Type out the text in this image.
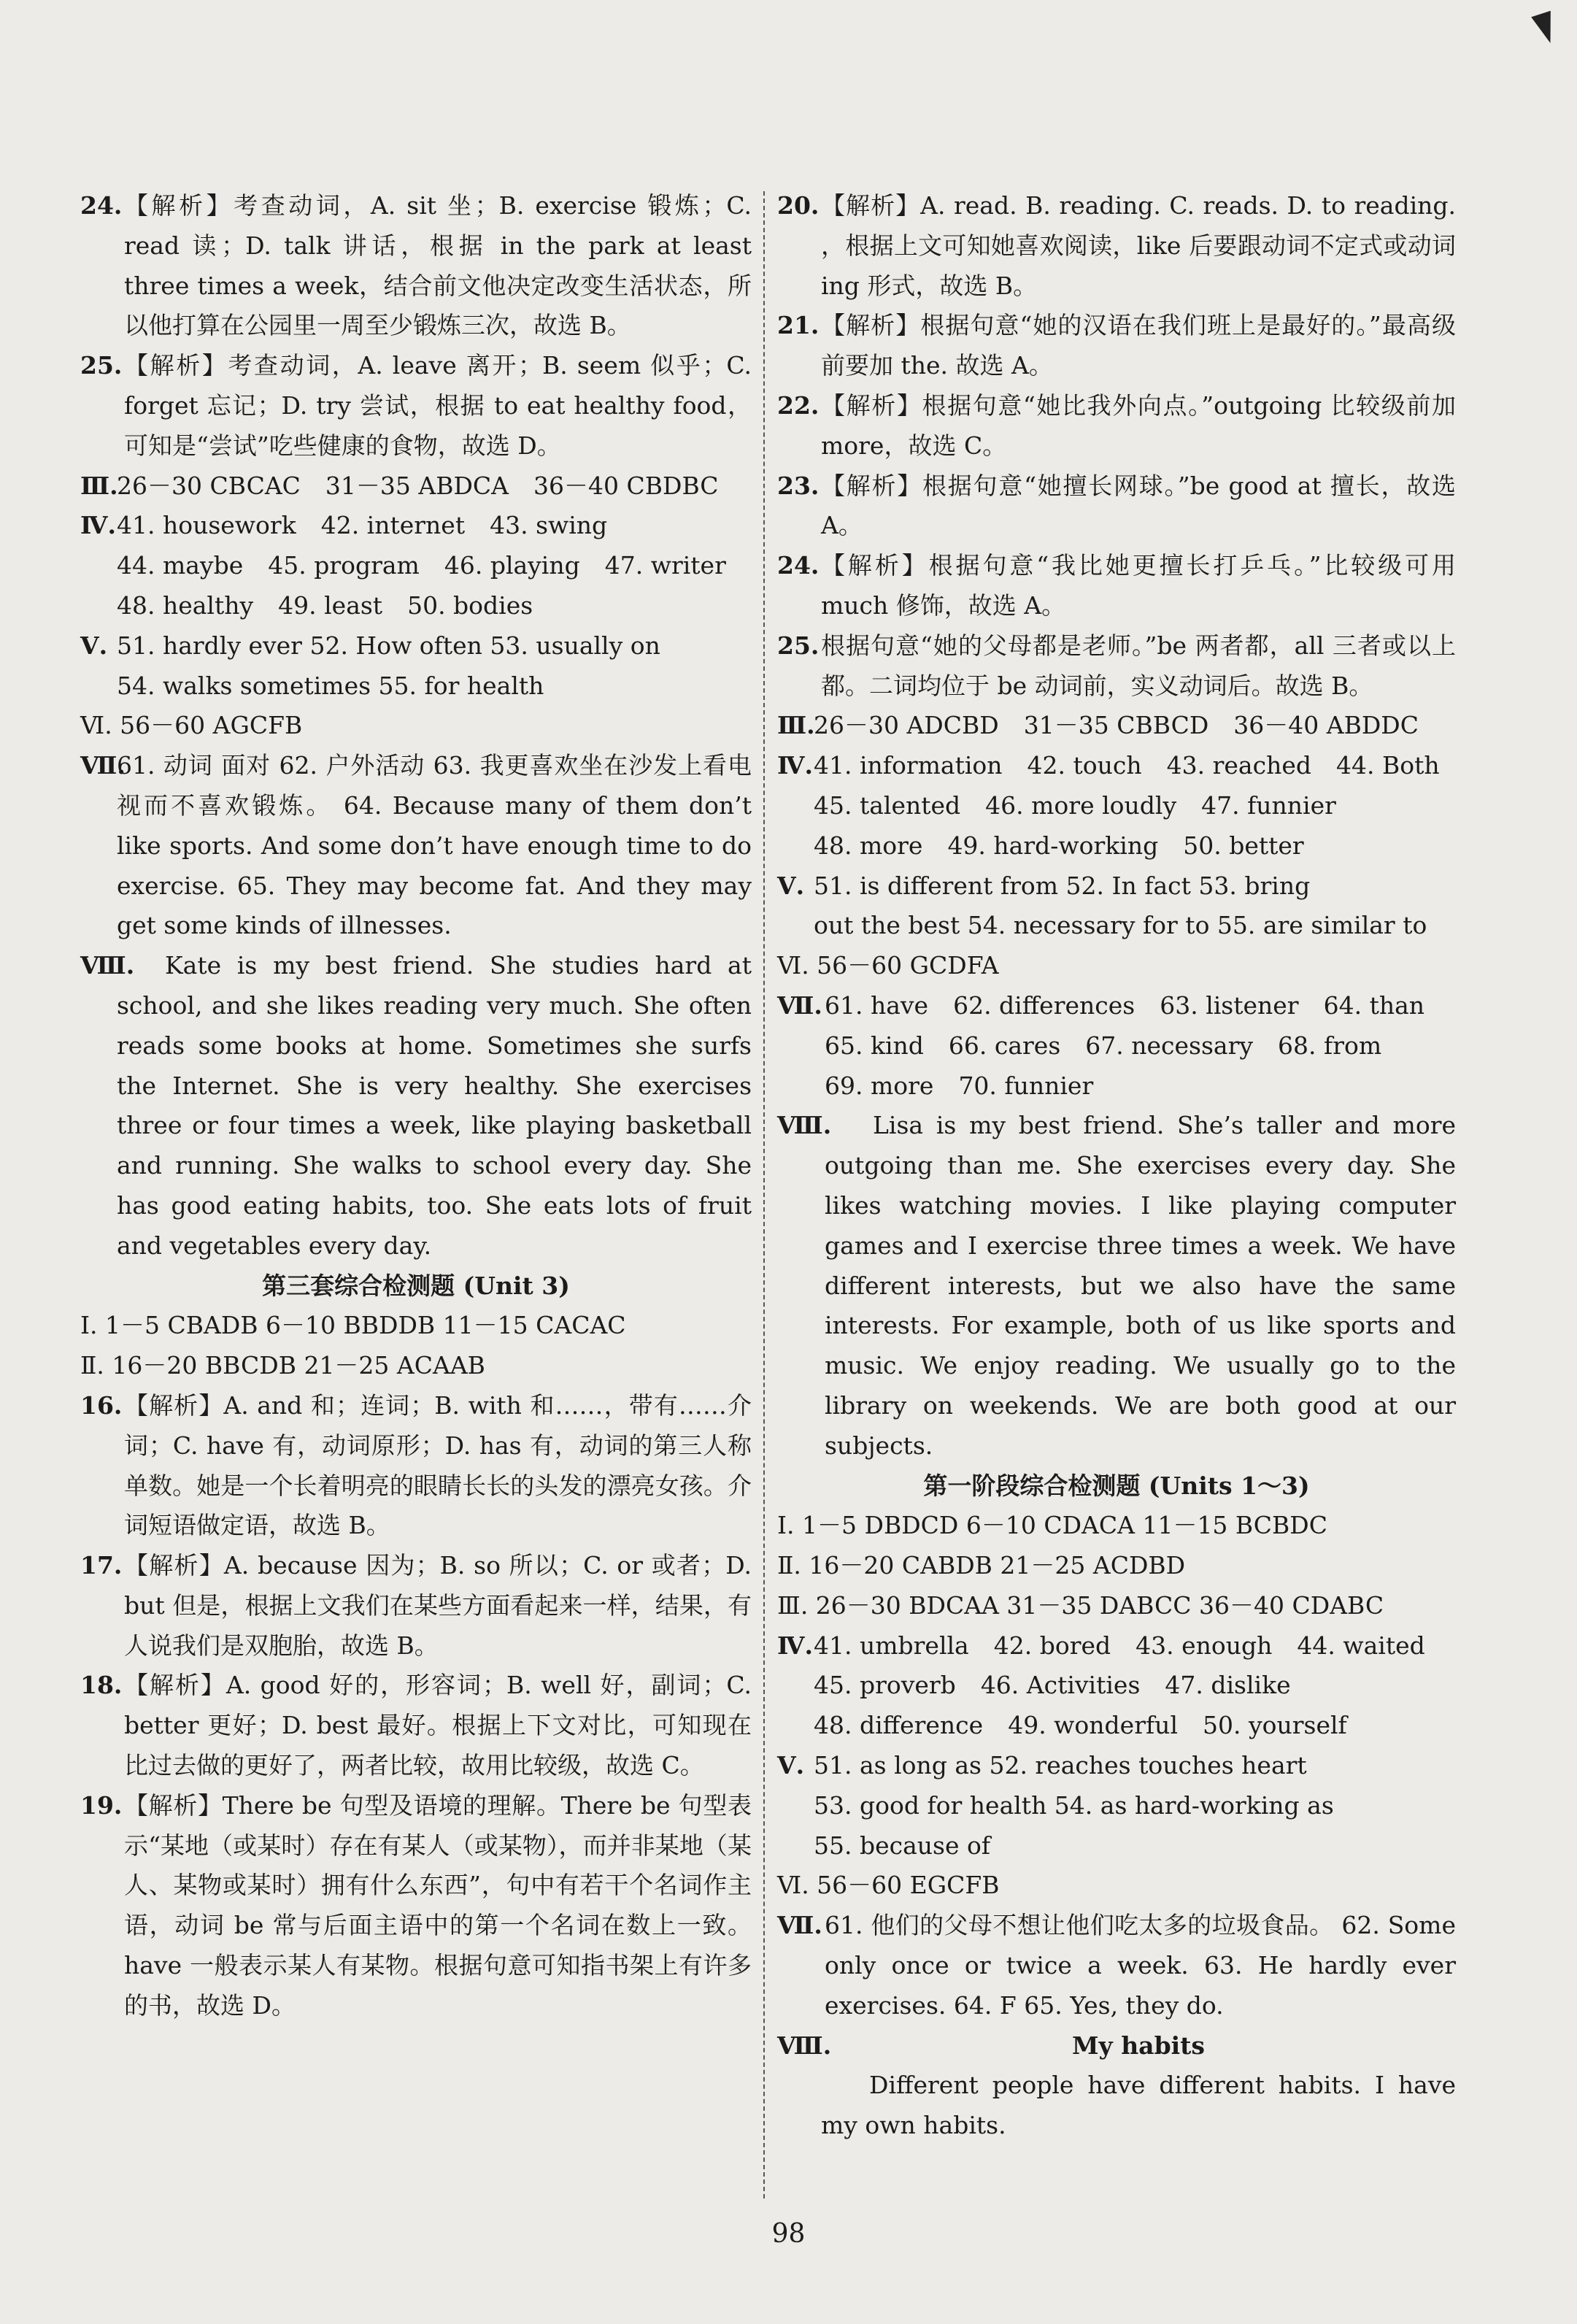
24. 【解析】考查动词，A. sit 坐；B. exercise 锻炼；C. read 读；D. talk 讲话，根据 in the park at least three times a week，结合前文他决定改变生活状态，所以他打算在公园里一周至少锻炼三次，故选 B。
25. 【解析】考查动词，A. leave 离开；B. seem 似乎；C. forget 忘记；D. try 尝试，根据 to eat healthy food，可知是“尝试”吃些健康的食物，故选 D。
Ⅲ.
26－30 CBCAC 31－35 ABDCA 36－40 CBDBC
Ⅳ. 41. housework 42. internet 43. swing
44. maybe 45. program 46. playing 47. writer
48. healthy 49. least 50. bodies
Ⅴ. 51. hardly ever 52. How often 53. usually on
54. walks sometimes 55. for health
Ⅵ. 56－60 AGCFB
Ⅶ.
61. 动词 面对 62. 户外活动 63. 我更喜欢坐在沙发上看电视而不喜欢锻炼。 64. Because many of them don’t like sports. And some don’t have enough time to do exercise. 65. They may become fat. And they may get some kinds of illnesses.
Ⅷ.	Kate is my best friend. She studies hard at school, and she likes reading very much. She often reads some books at home. Sometimes she surfs the Internet. She is very healthy. She exercises three or four times a week, like playing basketball and running. She walks to school every day. She has good eating habits, too. She eats lots of fruit and vegetables every day.
第三套综合检测题 (Unit 3)
Ⅰ. 1－5 CBADB 6－10 BBDDB 11－15 CACAC
Ⅱ. 16－20 BBCDB 21－25 ACAAB
16. 【解析】A. and 和；连词；B. with 和……，带有……介词；C. have 有，动词原形；D. has 有，动词的第三人称单数。她是一个长着明亮的眼睛长长的头发的漂亮女孩。介词短语做定语，故选 B。
17. 【解析】A. because 因为；B. so 所以；C. or 或者；D. but 但是，根据上文我们在某些方面看起来一样，结果，有人说我们是双胞胎，故选 B。
18. 【解析】A. good 好的，形容词；B. well 好，副词；C. better 更好；D. best 最好。根据上下文对比，可知现在比过去做的更好了，两者比较，故用比较级，故选 C。
19. 【解析】There be 句型及语境的理解。There be 句型表示“某地（或某时）存在有某人（或某物），而并非某地（某人、某物或某时）拥有什么东西”，句中有若干个名词作主语，动词 be 常与后面主语中的第一个名词在数上一致。have 一般表示某人有某物。根据句意可知指书架上有许多的书，故选 D。
20. 【解析】A. read. B. reading. C. reads. D. to reading. ，根据上文可知她喜欢阅读，like 后要跟动词不定式或动词 ing 形式，故选 B。
21. 【解析】根据句意“她的汉语在我们班上是最好的。”最高级前要加 the. 故选 A。
22. 【解析】根据句意“她比我外向点。”outgoing 比较级前加 more，故选 C。
23. 【解析】根据句意“她擅长网球。”be good at 擅长，故选 A。
24. 【解析】根据句意“我比她更擅长打乒乓。”比较级可用 much 修饰，故选 A。
25. 根据句意“她的父母都是老师。”be 两者都，all 三者或以上都。二词均位于 be 动词前，实义动词后。故选 B。
Ⅲ.
26－30 ADCBD 31－35 CBBCD 36－40 ABDDC
Ⅳ. 41. information 42. touch 43. reached 44. Both
45. talented 46. more loudly 47. funnier
48. more 49. hard-working 50. better
Ⅴ. 51. is different from 52. In fact 53. bring
out the best 54. necessary for to 55. are similar to
Ⅵ. 56－60 GCDFA
Ⅶ. 61. have 62. differences 63. listener 64. than
65. kind 66. cares 67. necessary 68. from
69. more 70. funnier
Ⅷ.	Lisa is my best friend. She’s taller and more outgoing than me. She exercises every day. She likes watching movies. I like playing computer games and I exercise three times a week. We have different interests, but we also have the same interests. For example, both of us like sports and music. We enjoy reading. We usually go to the library on weekends. We are both good at our subjects.
第一阶段综合检测题 (Units 1～3)
Ⅰ. 1－5 DBDCD 6－10 CDACA 11－15 BCBDC
Ⅱ. 16－20 CABDB 21－25 ACDBD
Ⅲ. 26－30 BDCAA 31－35 DABCC 36－40 CDABC
Ⅳ. 41. umbrella 42. bored 43. enough 44. waited
45. proverb 46. Activities 47. dislike
48. difference 49. wonderful 50. yourself
Ⅴ. 51. as long as 52. reaches touches heart
53. good for health 54. as hard-working as
55. because of
Ⅵ. 56－60 EGCFB
Ⅶ. 61. 他们的父母不想让他们吃太多的垃圾食品。 62. Some only once or twice a week. 63. He hardly ever exercises. 64. F 65. Yes, they do.
Ⅷ.	My habits
Different people have different habits. I have my own habits.
98
